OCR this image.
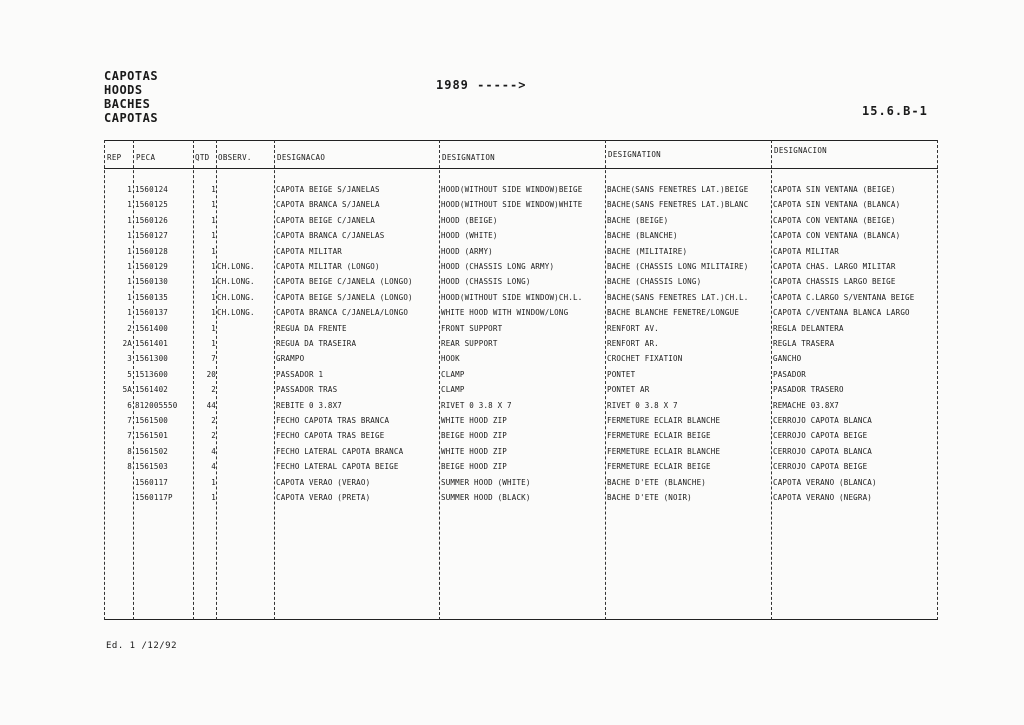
CAPOTAS
HOODS
BACHES
CAPOTAS
1989 ----->
15.6.B-1
REP PECA	QTD OBSERV.	DESIGNACAO	DESIGNATION	DESIGNATION	DESIGNACION
1 1560124	1	CAPOTA BEIGE S/JANELAS	HOOD(WITHOUT SIDE WINDOW)BEIGE	BACHE(SANS FENETRES LAT.)BEIGE	CAPOTA SIN VENTANA (BEIGE)
1 1560125	1	CAPOTA BRANCA S/JANELA	HOOD(WITHOUT SIDE WINDOW)WHITE	BACHE(SANS FENETRES LAT.)BLANC	CAPOTA SIN VENTANA (BLANCA)
1 1560126	1	CAPOTA BEIGE C/JANELA	HOOD (BEIGE)	BACHE (BEIGE)	CAPOTA CON VENTANA (BEIGE)
1 1560127	1	CAPOTA BRANCA C/JANELAS	HOOD (WHITE)	BACHE (BLANCHE)	CAPOTA CON VENTANA (BLANCA)
1 1560128	1	CAPOTA MILITAR	HOOD (ARMY)	BACHE (MILITAIRE)	CAPOTA MILITAR
1 1560129	1 CH.LONG.	CAPOTA MILITAR (LONGO)	HOOD (CHASSIS LONG ARMY)	BACHE (CHASSIS LONG MILITAIRE)	CAPOTA CHAS. LARGO MILITAR
1 1560130	1 CH.LONG.	CAPOTA BEIGE C/JANELA (LONGO)	HOOD (CHASSIS LONG)	BACHE (CHASSIS LONG)	CAPOTA CHASSIS LARGO BEIGE
1 1560135	1 CH.LONG.	CAPOTA BEIGE S/JANELA (LONGO)	HOOD(WITHOUT SIDE WINDOW)CH.L.	BACHE(SANS FENETRES LAT.)CH.L.	CAPOTA C.LARGO S/VENTANA BEIGE
1 1560137	1 CH.LONG.	CAPOTA BRANCA C/JANELA/LONGO	WHITE HOOD WITH WINDOW/LONG	BACHE BLANCHE FENETRE/LONGUE	CAPOTA C/VENTANA BLANCA LARGO
2 1561400	1	REGUA DA FRENTE	FRONT SUPPORT	RENFORT AV.	REGLA DELANTERA
2A 1561401	1	REGUA DA TRASEIRA	REAR SUPPORT	RENFORT AR.	REGLA TRASERA
3 1561300	7	GRAMPO	HOOK	CROCHET FIXATION	GANCHO
5 1513600	20	PASSADOR 1	CLAMP	PONTET	PASADOR
5A 1561402	2	PASSADOR TRAS	CLAMP	PONTET AR	PASADOR TRASERO
6 812005550	44	REBITE 0 3.8X7	RIVET 0 3.8 X 7	RIVET 0 3.8 X 7	REMACHE 03.8X7
7 1561500	2	FECHO CAPOTA TRAS BRANCA	WHITE HOOD ZIP	FERMETURE ECLAIR BLANCHE	CERROJO CAPOTA BLANCA
7 1561501	2	FECHO CAPOTA TRAS BEIGE	BEIGE HOOD ZIP	FERMETURE ECLAIR BEIGE	CERROJO CAPOTA BEIGE
8 1561502	4	FECHO LATERAL CAPOTA BRANCA	WHITE HOOD ZIP	FERMETURE ECLAIR BLANCHE	CERROJO CAPOTA BLANCA
8 1561503	4	FECHO LATERAL CAPOTA BEIGE	BEIGE HOOD ZIP	FERMETURE ECLAIR BEIGE	CERROJO CAPOTA BEIGE
1560117	1	CAPOTA VERAO (VERAO)	SUMMER HOOD (WHITE)	BACHE D'ETE (BLANCHE)	CAPOTA VERANO (BLANCA)
1560117P	1	CAPOTA VERAO (PRETA)	SUMMER HOOD (BLACK)	BACHE D'ETE (NOIR)	CAPOTA VERANO (NEGRA)
Ed. 1 /12/92
